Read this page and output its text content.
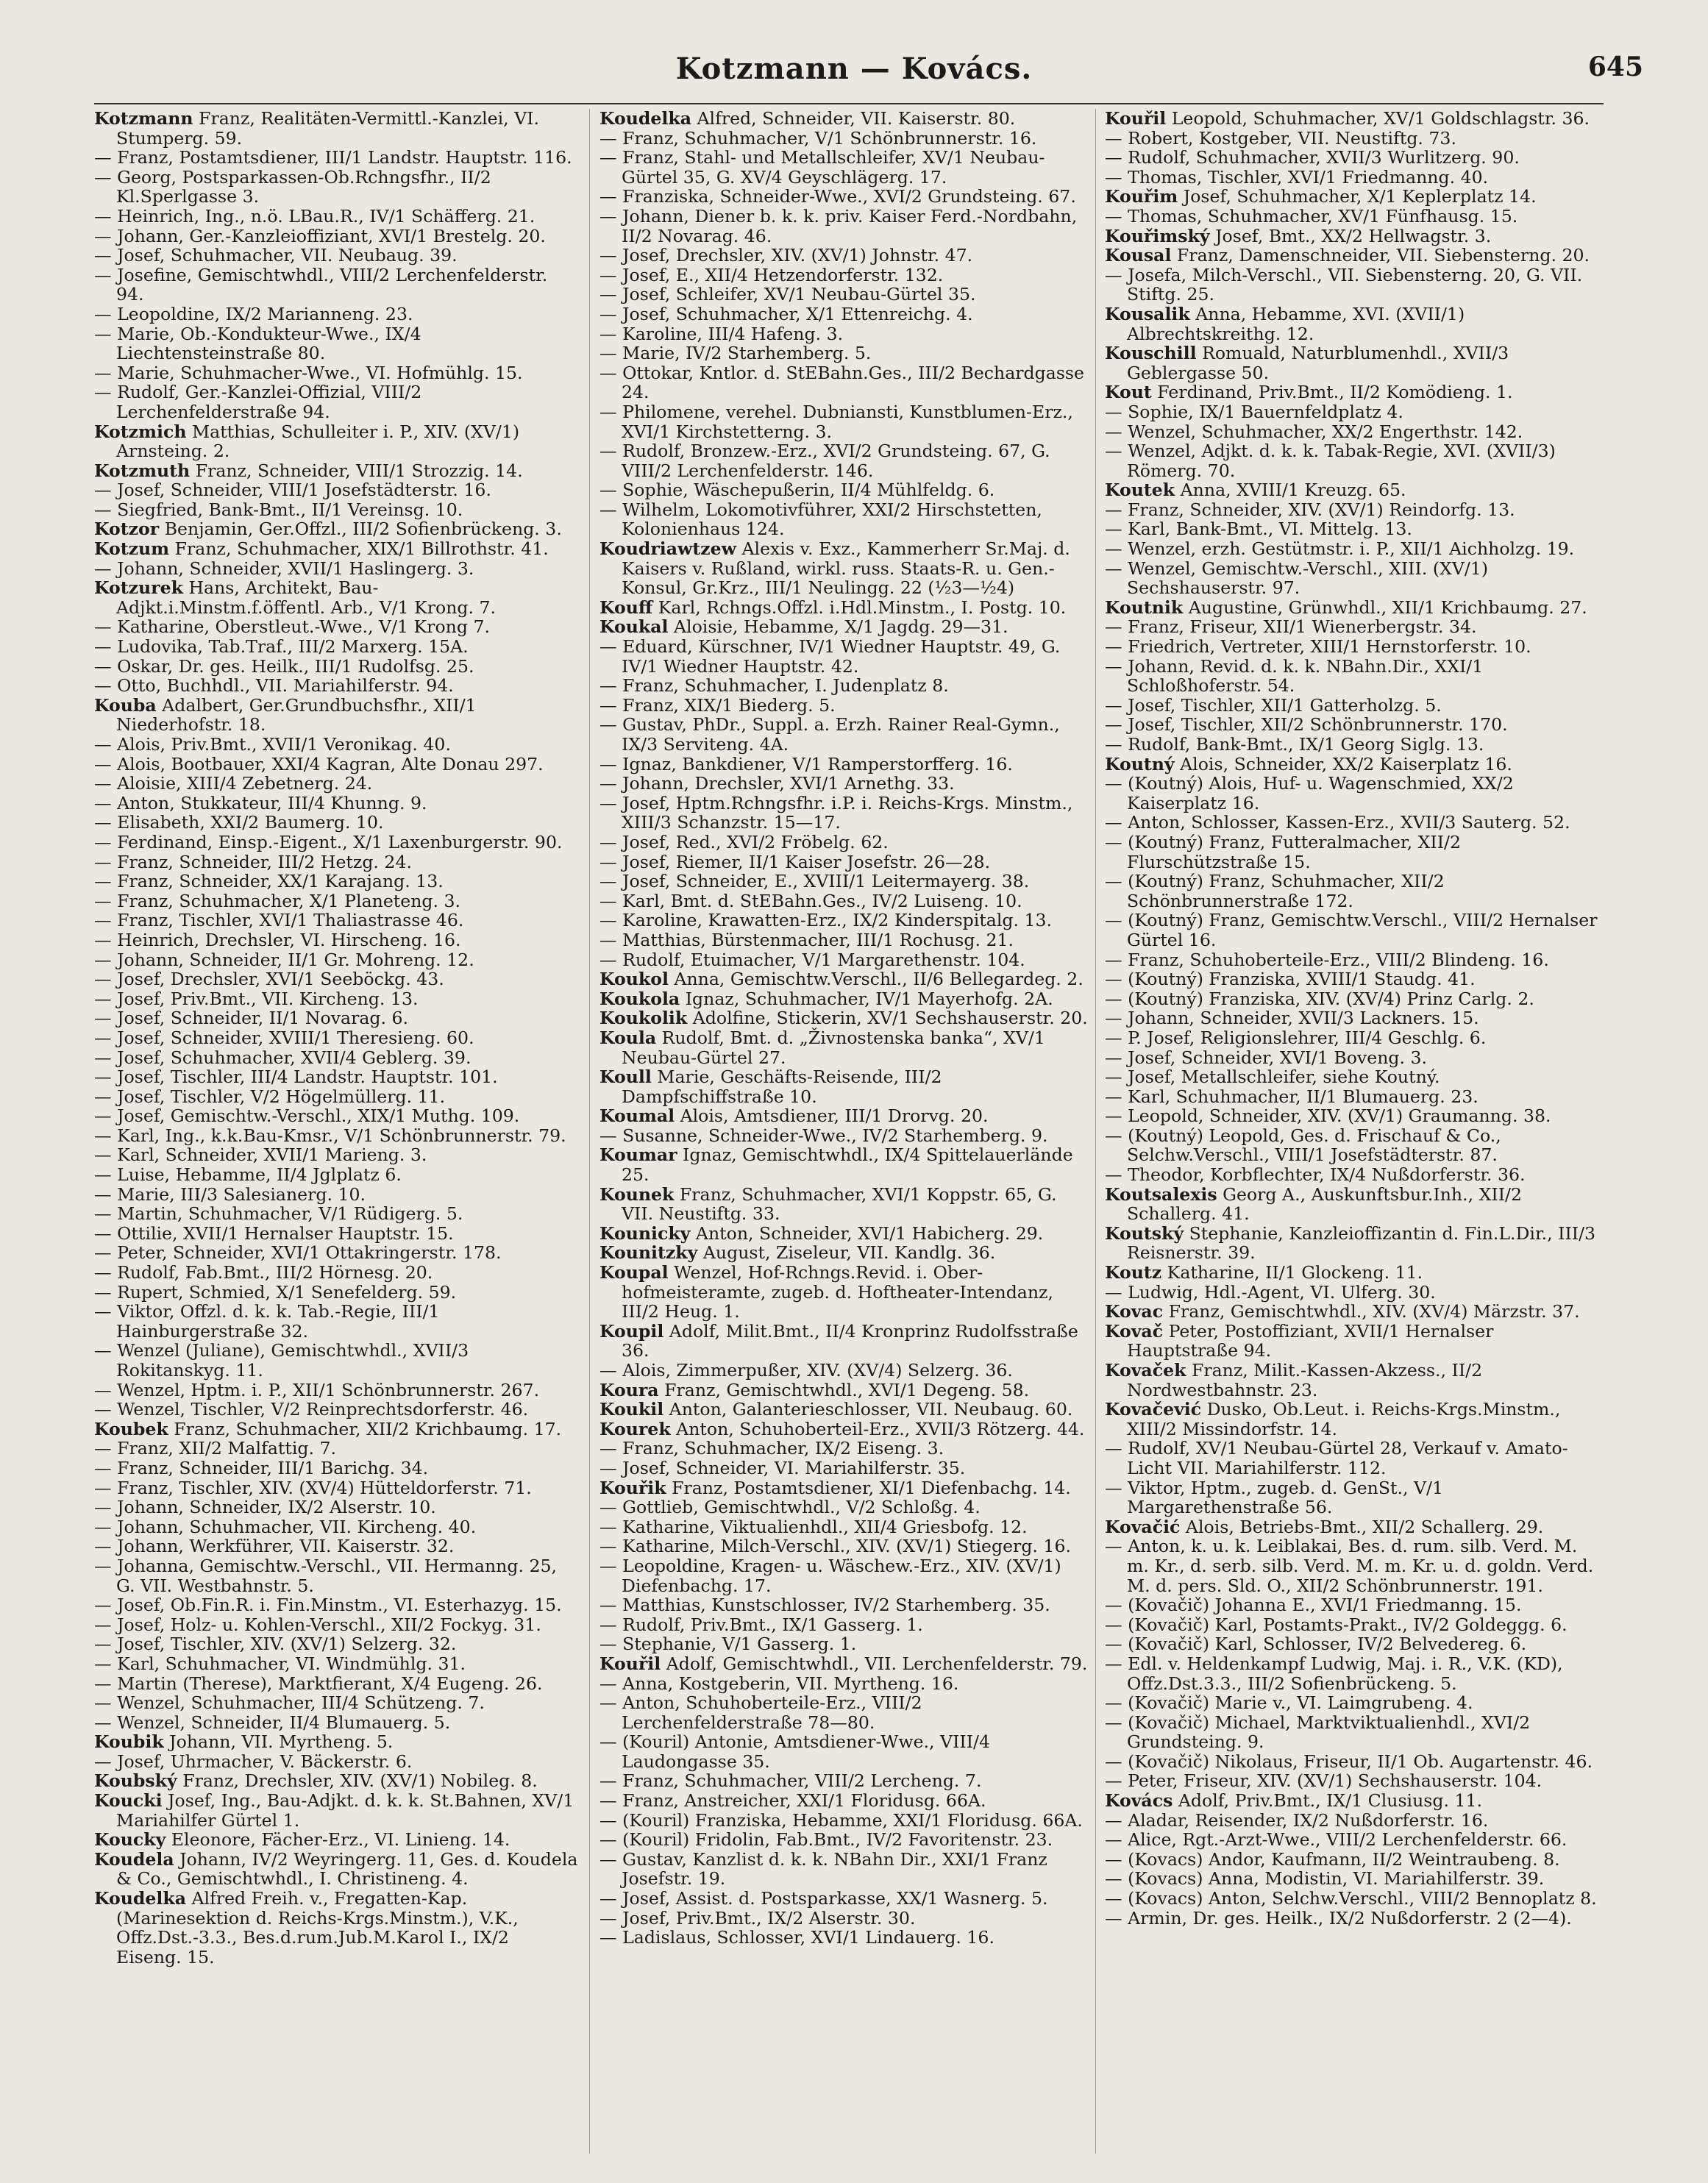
Kotzmann — Kovács.	645

Kotzmann Franz, Realitäten-Vermittl.-Kanzlei, VI. Stumperg. 59.

— Franz, Postamtsdiener, III/1 Landstr. Hauptstr. 116.

— Georg, Postsparkassen-Ob.Rchngsfhr., II/2 Kl.Sperlgasse 3.

— Heinrich, Ing., n.ö. LBau.R., IV/1 Schäfferg. 21.

— Johann, Ger.-Kanzleioffiziant, XVI/1 Brestelg. 20.

— Josef, Schuhmacher, VII. Neubaug. 39.

— Josefine, Gemischtwhdl., VIII/2 Lerchenfelderstr. 94.

— Leopoldine, IX/2 Marianneng. 23.

— Marie, Ob.-Kondukteur-Wwe., IX/4 Liechtensteinstraße 80.

— Marie, Schuhmacher-Wwe., VI. Hofmühlg. 15.

— Rudolf, Ger.-Kanzlei-Offizial, VIII/2 Lerchenfelderstraße 94.

Kotzmich Matthias, Schulleiter i. P., XIV. (XV/1) Arnsteing. 2.

Kotzmuth Franz, Schneider, VIII/1 Strozzig. 14.

— Josef, Schneider, VIII/1 Josefstädterstr. 16.

— Siegfried, Bank-Bmt., II/1 Vereinsg. 10.

Kotzor Benjamin, Ger.Offzl., III/2 Sofienbrückeng. 3.

Kotzum Franz, Schuhmacher, XIX/1 Billrothstr. 41.

— Johann, Schneider, XVII/1 Haslingerg. 3.

Kotzurek Hans, Architekt, Bau-Adjkt.i.Minstm.f.öffentl. Arb., V/1 Krong. 7.

— Katharine, Oberstleut.-Wwe., V/1 Krong 7.

— Ludovika, Tab.Traf., III/2 Marxerg. 15A.

— Oskar, Dr. ges. Heilk., III/1 Rudolfsg. 25.

— Otto, Buchhdl., VII. Mariahilferstr. 94.

Kouba Adalbert, Ger.Grundbuchsfhr., XII/1 Niederhofstr. 18.

— Alois, Priv.Bmt., XVII/1 Veronikag. 40.

— Alois, Bootbauer, XXI/4 Kagran, Alte Donau 297.

— Aloisie, XIII/4 Zebetnerg. 24.

— Anton, Stukkateur, III/4 Khunng. 9.

— Elisabeth, XXI/2 Baumerg. 10.

— Ferdinand, Einsp.-Eigent., X/1 Laxenburgerstr. 90.

— Franz, Schneider, III/2 Hetzg. 24.

— Franz, Schneider, XX/1 Karajang. 13.

— Franz, Schuhmacher, X/1 Planeteng. 3.

— Franz, Tischler, XVI/1 Thaliastrasse 46.

— Heinrich, Drechsler, VI. Hirscheng. 16.

— Johann, Schneider, II/1 Gr. Mohreng. 12.

— Josef, Drechsler, XVI/1 Seeböckg. 43.

— Josef, Priv.Bmt., VII. Kircheng. 13.

— Josef, Schneider, II/1 Novarag. 6.

— Josef, Schneider, XVIII/1 Theresieng. 60.

— Josef, Schuhmacher, XVII/4 Geblerg. 39.

— Josef, Tischler, III/4 Landstr. Hauptstr. 101.

— Josef, Tischler, V/2 Högelmüllerg. 11.

— Josef, Gemischtw.-Verschl., XIX/1 Muthg. 109.

— Karl, Ing., k.k.Bau-Kmsr., V/1 Schönbrunnerstr. 79.

— Karl, Schneider, XVII/1 Marieng. 3.

— Luise, Hebamme, II/4 Jglplatz 6.

— Marie, III/3 Salesianerg. 10.

— Martin, Schuhmacher, V/1 Rüdigerg. 5.

— Ottilie, XVII/1 Hernalser Hauptstr. 15.

— Peter, Schneider, XVI/1 Ottakringerstr. 178.

— Rudolf, Fab.Bmt., III/2 Hörnesg. 20.

— Rupert, Schmied, X/1 Senefelderg. 59.

— Viktor, Offzl. d. k. k. Tab.-Regie, III/1 Hainburgerstraße 32.

— Wenzel (Juliane), Gemischtwhdl., XVII/3 Rokitanskyg. 11.

— Wenzel, Hptm. i. P., XII/1 Schönbrunnerstr. 267.

— Wenzel, Tischler, V/2 Reinprechtsdorferstr. 46.

Koubek Franz, Schuhmacher, XII/2 Krichbaumg. 17.

— Franz, XII/2 Malfattig. 7.

— Franz, Schneider, III/1 Barichg. 34.

— Franz, Tischler, XIV. (XV/4) Hütteldorferstr. 71.

— Johann, Schneider, IX/2 Alserstr. 10.

— Johann, Schuhmacher, VII. Kircheng. 40.

— Johann, Werkführer, VII. Kaiserstr. 32.

— Johanna, Gemischtw.-Verschl., VII. Hermanng. 25, G. VII. Westbahnstr. 5.

— Josef, Ob.Fin.R. i. Fin.Minstm., VI. Esterhazyg. 15.

— Josef, Holz- u. Kohlen-Verschl., XII/2 Fockyg. 31.

— Josef, Tischler, XIV. (XV/1) Selzerg. 32.

— Karl, Schuhmacher, VI. Windmühlg. 31.

— Martin (Therese), Marktfierant, X/4 Eugeng. 26.

— Wenzel, Schuhmacher, III/4 Schützeng. 7.

— Wenzel, Schneider, II/4 Blumauerg. 5.

Koubik Johann, VII. Myrtheng. 5.

— Josef, Uhrmacher, V. Bäckerstr. 6.

Koubský Franz, Drechsler, XIV. (XV/1) Nobileg. 8.

Koucki Josef, Ing., Bau-Adjkt. d. k. k. St.Bahnen, XV/1 Mariahilfer Gürtel 1.

Koucky Eleonore, Fächer-Erz., VI. Linieng. 14.

Koudela Johann, IV/2 Weyringerg. 11, Ges. d. Koudela & Co., Gemischtwhdl., I. Christineng. 4.

Koudelka Alfred Freih. v., Fregatten-Kap. (Marinesektion d. Reichs-Krgs.Minstm.), V.K., Offz.Dst.-3.3., Bes.d.rum.Jub.M.Karol I., IX/2 Eiseng. 15.

Koudelka Alfred, Schneider, VII. Kaiserstr. 80.

— Franz, Schuhmacher, V/1 Schönbrunnerstr. 16.

— Franz, Stahl- und Metallschleifer, XV/1 Neubau-Gürtel 35, G. XV/4 Geyschlägerg. 17.

— Franziska, Schneider-Wwe., XVI/2 Grundsteing. 67.

— Johann, Diener b. k. k. priv. Kaiser Ferd.-Nordbahn, II/2 Novarag. 46.

— Josef, Drechsler, XIV. (XV/1) Johnstr. 47.

— Josef, E., XII/4 Hetzendorferstr. 132.

— Josef, Schleifer, XV/1 Neubau-Gürtel 35.

— Josef, Schuhmacher, X/1 Ettenreichg. 4.

— Karoline, III/4 Hafeng. 3.

— Marie, IV/2 Starhemberg. 5.

— Ottokar, Kntlor. d. StEBahn.Ges., III/2 Bechardgasse 24.

— Philomene, verehel. Dubniansti, Kunstblumen-Erz., XVI/1 Kirchstetterng. 3.

— Rudolf, Bronzew.-Erz., XVI/2 Grundsteing. 67, G. VIII/2 Lerchenfelderstr. 146.

— Sophie, Wäschepußerin, II/4 Mühlfeldg. 6.

— Wilhelm, Lokomotivführer, XXI/2 Hirschstetten, Kolonienhaus 124.

Koudriawtzew Alexis v. Exz., Kammerherr Sr.Maj. d. Kaisers v. Rußland, wirkl. russ. Staats-R. u. Gen.-Konsul, Gr.Krz., III/1 Neulingg. 22 (½3—½4)

Kouff Karl, Rchngs.Offzl. i.Hdl.Minstm., I. Postg. 10.

Koukal Aloisie, Hebamme, X/1 Jagdg. 29—31.

— Eduard, Kürschner, IV/1 Wiedner Hauptstr. 49, G. IV/1 Wiedner Hauptstr. 42.

— Franz, Schuhmacher, I. Judenplatz 8.

— Franz, XIX/1 Biederg. 5.

— Gustav, PhDr., Suppl. a. Erzh. Rainer Real-Gymn., IX/3 Serviteng. 4A.

— Ignaz, Bankdiener, V/1 Ramperstorfferg. 16.

— Johann, Drechsler, XVI/1 Arnethg. 33.

— Josef, Hptm.Rchngsfhr. i.P. i. Reichs-Krgs. Minstm., XIII/3 Schanzstr. 15—17.

— Josef, Red., XVI/2 Fröbelg. 62.

— Josef, Riemer, II/1 Kaiser Josefstr. 26—28.

— Josef, Schneider, E., XVIII/1 Leitermayerg. 38.

— Karl, Bmt. d. StEBahn.Ges., IV/2 Luiseng. 10.

— Karoline, Krawatten-Erz., IX/2 Kinderspitalg. 13.

— Matthias, Bürstenmacher, III/1 Rochusg. 21.

— Rudolf, Etuimacher, V/1 Margarethenstr. 104.

Koukol Anna, Gemischtw.Verschl., II/6 Bellegardeg. 2.

Koukola Ignaz, Schuhmacher, IV/1 Mayerhofg. 2A.

Koukolik Adolfine, Stickerin, XV/1 Sechshauserstr. 20.

Koula Rudolf, Bmt. d. „Živnostenska banka“, XV/1 Neubau-Gürtel 27.

Koull Marie, Geschäfts-Reisende, III/2 Dampfschiffstraße 10.

Koumal Alois, Amtsdiener, III/1 Drorvg. 20.

— Susanne, Schneider-Wwe., IV/2 Starhemberg. 9.

Koumar Ignaz, Gemischtwhdl., IX/4 Spittelauerlände 25.

Kounek Franz, Schuhmacher, XVI/1 Koppstr. 65, G. VII. Neustiftg. 33.

Kounicky Anton, Schneider, XVI/1 Habicherg. 29.

Kounitzky August, Ziseleur, VII. Kandlg. 36.

Koupal Wenzel, Hof-Rchngs.Revid. i. Ober-hofmeisteramte, zugeb. d. Hoftheater-Intendanz, III/2 Heug. 1.

Koupil Adolf, Milit.Bmt., II/4 Kronprinz Rudolfsstraße 36.

— Alois, Zimmerpußer, XIV. (XV/4) Selzerg. 36.

Koura Franz, Gemischtwhdl., XVI/1 Degeng. 58.

Koukil Anton, Galanterieschlosser, VII. Neubaug. 60.

Kourek Anton, Schuhoberteil-Erz., XVII/3 Rötzerg. 44.

— Franz, Schuhmacher, IX/2 Eiseng. 3.

— Josef, Schneider, VI. Mariahilferstr. 35.

Kouřik Franz, Postamtsdiener, XI/1 Diefenbachg. 14.

— Gottlieb, Gemischtwhdl., V/2 Schloßg. 4.

— Katharine, Viktualienhdl., XII/4 Griesbofg. 12.

— Katharine, Milch-Verschl., XIV. (XV/1) Stiegerg. 16.

— Leopoldine, Kragen- u. Wäschew.-Erz., XIV. (XV/1) Diefenbachg. 17.

— Matthias, Kunstschlosser, IV/2 Starhemberg. 35.

— Rudolf, Priv.Bmt., IX/1 Gasserg. 1.

— Stephanie, V/1 Gasserg. 1.

Kouřil Adolf, Gemischtwhdl., VII. Lerchenfelderstr. 79.

— Anna, Kostgeberin, VII. Myrtheng. 16.

— Anton, Schuhoberteile-Erz., VIII/2 Lerchenfelderstraße 78—80.

— (Kouril) Antonie, Amtsdiener-Wwe., VIII/4 Laudongasse 35.

— Franz, Schuhmacher, VIII/2 Lercheng. 7.

— Franz, Anstreicher, XXI/1 Floridusg. 66A.

— (Kouril) Franziska, Hebamme, XXI/1 Floridusg. 66A.

— (Kouril) Fridolin, Fab.Bmt., IV/2 Favoritenstr. 23.

— Gustav, Kanzlist d. k. k. NBahn Dir., XXI/1 Franz Josefstr. 19.

— Josef, Assist. d. Postsparkasse, XX/1 Wasnerg. 5.

— Josef, Priv.Bmt., IX/2 Alserstr. 30.

— Ladislaus, Schlosser, XVI/1 Lindauerg. 16.

Kouřil Leopold, Schuhmacher, XV/1 Goldschlagstr. 36.

— Robert, Kostgeber, VII. Neustiftg. 73.

— Rudolf, Schuhmacher, XVII/3 Wurlitzerg. 90.

— Thomas, Tischler, XVI/1 Friedmanng. 40.

Kouřim Josef, Schuhmacher, X/1 Keplerplatz 14.

— Thomas, Schuhmacher, XV/1 Fünfhausg. 15.

Kouřimský Josef, Bmt., XX/2 Hellwagstr. 3.

Kousal Franz, Damenschneider, VII. Siebensterng. 20.

— Josefa, Milch-Verschl., VII. Siebensterng. 20, G. VII. Stiftg. 25.

Kousalik Anna, Hebamme, XVI. (XVII/1) Albrechtskreithg. 12.

Kouschill Romuald, Naturblumenhdl., XVII/3 Geblergasse 50.

Kout Ferdinand, Priv.Bmt., II/2 Komödieng. 1.

— Sophie, IX/1 Bauernfeldplatz 4.

— Wenzel, Schuhmacher, XX/2 Engerthstr. 142.

— Wenzel, Adjkt. d. k. k. Tabak-Regie, XVI. (XVII/3) Römerg. 70.

Koutek Anna, XVIII/1 Kreuzg. 65.

— Franz, Schneider, XIV. (XV/1) Reindorfg. 13.

— Karl, Bank-Bmt., VI. Mittelg. 13.

— Wenzel, erzh. Gestütmstr. i. P., XII/1 Aichholzg. 19.

— Wenzel, Gemischtw.-Verschl., XIII. (XV/1) Sechshauserstr. 97.

Koutnik Augustine, Grünwhdl., XII/1 Krichbaumg. 27.

— Franz, Friseur, XII/1 Wienerbergstr. 34.

— Friedrich, Vertreter, XIII/1 Hernstorferstr. 10.

— Johann, Revid. d. k. k. NBahn.Dir., XXI/1 Schloßhoferstr. 54.

— Josef, Tischler, XII/1 Gatterholzg. 5.

— Josef, Tischler, XII/2 Schönbrunnerstr. 170.

— Rudolf, Bank-Bmt., IX/1 Georg Siglg. 13.

Koutný Alois, Schneider, XX/2 Kaiserplatz 16.

— (Koutný) Alois, Huf- u. Wagenschmied, XX/2 Kaiserplatz 16.

— Anton, Schlosser, Kassen-Erz., XVII/3 Sauterg. 52.

— (Koutný) Franz, Futteralmacher, XII/2 Flurschützstraße 15.

— (Koutný) Franz, Schuhmacher, XII/2 Schönbrunnerstraße 172.

— (Koutný) Franz, Gemischtw.Verschl., VIII/2 Hernalser Gürtel 16.

— Franz, Schuhoberteile-Erz., VIII/2 Blindeng. 16.

— (Koutný) Franziska, XVIII/1 Staudg. 41.

— (Koutný) Franziska, XIV. (XV/4) Prinz Carlg. 2.

— Johann, Schneider, XVII/3 Lackners. 15.

— P. Josef, Religionslehrer, III/4 Geschlg. 6.

— Josef, Schneider, XVI/1 Boveng. 3.

— Josef, Metallschleifer, siehe Koutný.

— Karl, Schuhmacher, II/1 Blumauerg. 23.

— Leopold, Schneider, XIV. (XV/1) Graumanng. 38.

— (Koutný) Leopold, Ges. d. Frischauf & Co., Selchw.Verschl., VIII/1 Josefstädterstr. 87.

— Theodor, Korbflechter, IX/4 Nußdorferstr. 36.

Koutsalexis Georg A., Auskunftsbur.Inh., XII/2 Schallerg. 41.

Koutský Stephanie, Kanzleioffizantin d. Fin.L.Dir., III/3 Reisnerstr. 39.

Koutz Katharine, II/1 Glockeng. 11.

— Ludwig, Hdl.-Agent, VI. Ulferg. 30.

Kovac Franz, Gemischtwhdl., XIV. (XV/4) Märzstr. 37.

Kovač Peter, Postoffiziant, XVII/1 Hernalser Hauptstraße 94.

Kovaček Franz, Milit.-Kassen-Akzess., II/2 Nordwestbahnstr. 23.

Kovačević Dusko, Ob.Leut. i. Reichs-Krgs.Minstm., XIII/2 Missindorfstr. 14.

— Rudolf, XV/1 Neubau-Gürtel 28, Verkauf v. Amato-Licht VII. Mariahilferstr. 112.

— Viktor, Hptm., zugeb. d. GenSt., V/1 Margarethenstraße 56.

Kovačić Alois, Betriebs-Bmt., XII/2 Schallerg. 29.

— Anton, k. u. k. Leiblakai, Bes. d. rum. silb. Verd. M. m. Kr., d. serb. silb. Verd. M. m. Kr. u. d. goldn. Verd. M. d. pers. Sld. O., XII/2 Schönbrunnerstr. 191.

— (Kovačič) Johanna E., XVI/1 Friedmanng. 15.

— (Kovačič) Karl, Postamts-Prakt., IV/2 Goldeggg. 6.

— (Kovačič) Karl, Schlosser, IV/2 Belvedereg. 6.

— Edl. v. Heldenkampf Ludwig, Maj. i. R., V.K. (KD), Offz.Dst.3.3., III/2 Sofienbrückeng. 5.

— (Kovačič) Marie v., VI. Laimgrubeng. 4.

— (Kovačič) Michael, Marktviktualienhdl., XVI/2 Grundsteing. 9.

— (Kovačič) Nikolaus, Friseur, II/1 Ob. Augartenstr. 46.

— Peter, Friseur, XIV. (XV/1) Sechshauserstr. 104.

Kovács Adolf, Priv.Bmt., IX/1 Clusiusg. 11.

— Aladar, Reisender, IX/2 Nußdorferstr. 16.

— Alice, Rgt.-Arzt-Wwe., VIII/2 Lerchenfelderstr. 66.

— (Kovacs) Andor, Kaufmann, II/2 Weintraubeng. 8.

— (Kovacs) Anna, Modistin, VI. Mariahilferstr. 39.

— (Kovacs) Anton, Selchw.Verschl., VIII/2 Bennoplatz 8.

— Armin, Dr. ges. Heilk., IX/2 Nußdorferstr. 2 (2—4).
